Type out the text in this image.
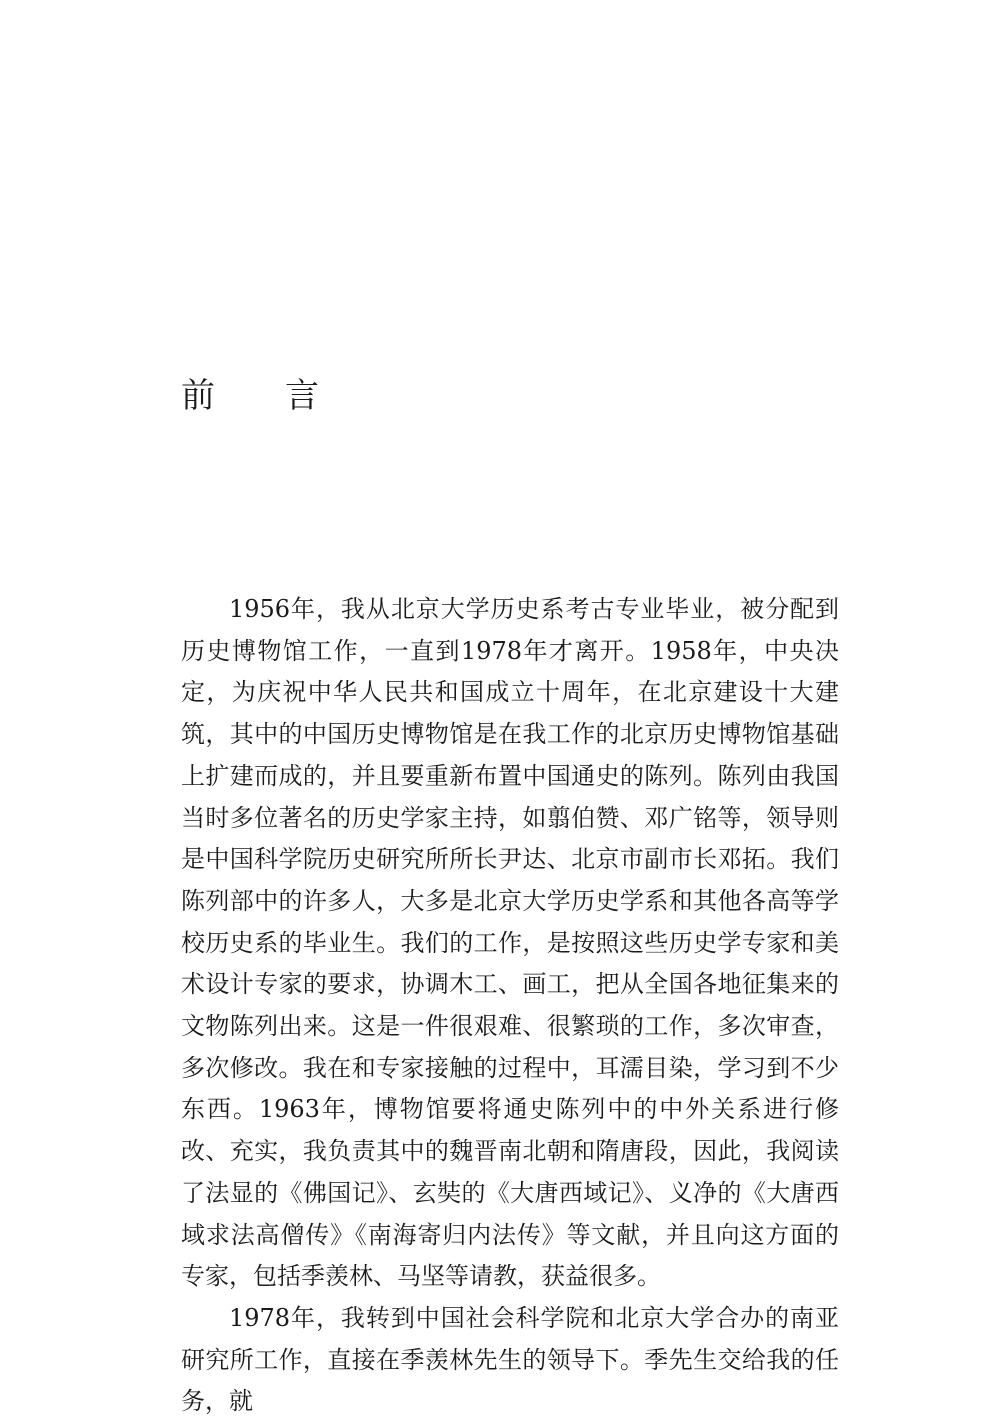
前 言

1956年，我从北京大学历史系考古专业毕业，被分配到历史博物馆工作，一直到1978年才离开。1958年，中央决定，为庆祝中华人民共和国成立十周年，在北京建设十大建筑，其中的中国历史博物馆是在我工作的北京历史博物馆基础上扩建而成的，并且要重新布置中国通史的陈列。陈列由我国当时多位著名的历史学家主持，如翦伯赞、邓广铭等，领导则是中国科学院历史研究所所长尹达、北京市副市长邓拓。我们陈列部中的许多人，大多是北京大学历史学系和其他各高等学校历史系的毕业生。我们的工作，是按照这些历史学专家和美术设计专家的要求，协调木工、画工，把从全国各地征集来的文物陈列出来。这是一件很艰难、很繁琐的工作，多次审查，多次修改。我在和专家接触的过程中，耳濡目染，学习到不少东西。1963年，博物馆要将通史陈列中的中外关系进行修改、充实，我负责其中的魏晋南北朝和隋唐段，因此，我阅读了法显的《佛国记》、玄奘的《大唐西域记》、义净的《大唐西域求法高僧传》《南海寄归内法传》等文献，并且向这方面的专家，包括季羡林、马坚等请教，获益很多。

1978年，我转到中国社会科学院和北京大学合办的南亚研究所工作，直接在季羡林先生的领导下。季先生交给我的任务，就
